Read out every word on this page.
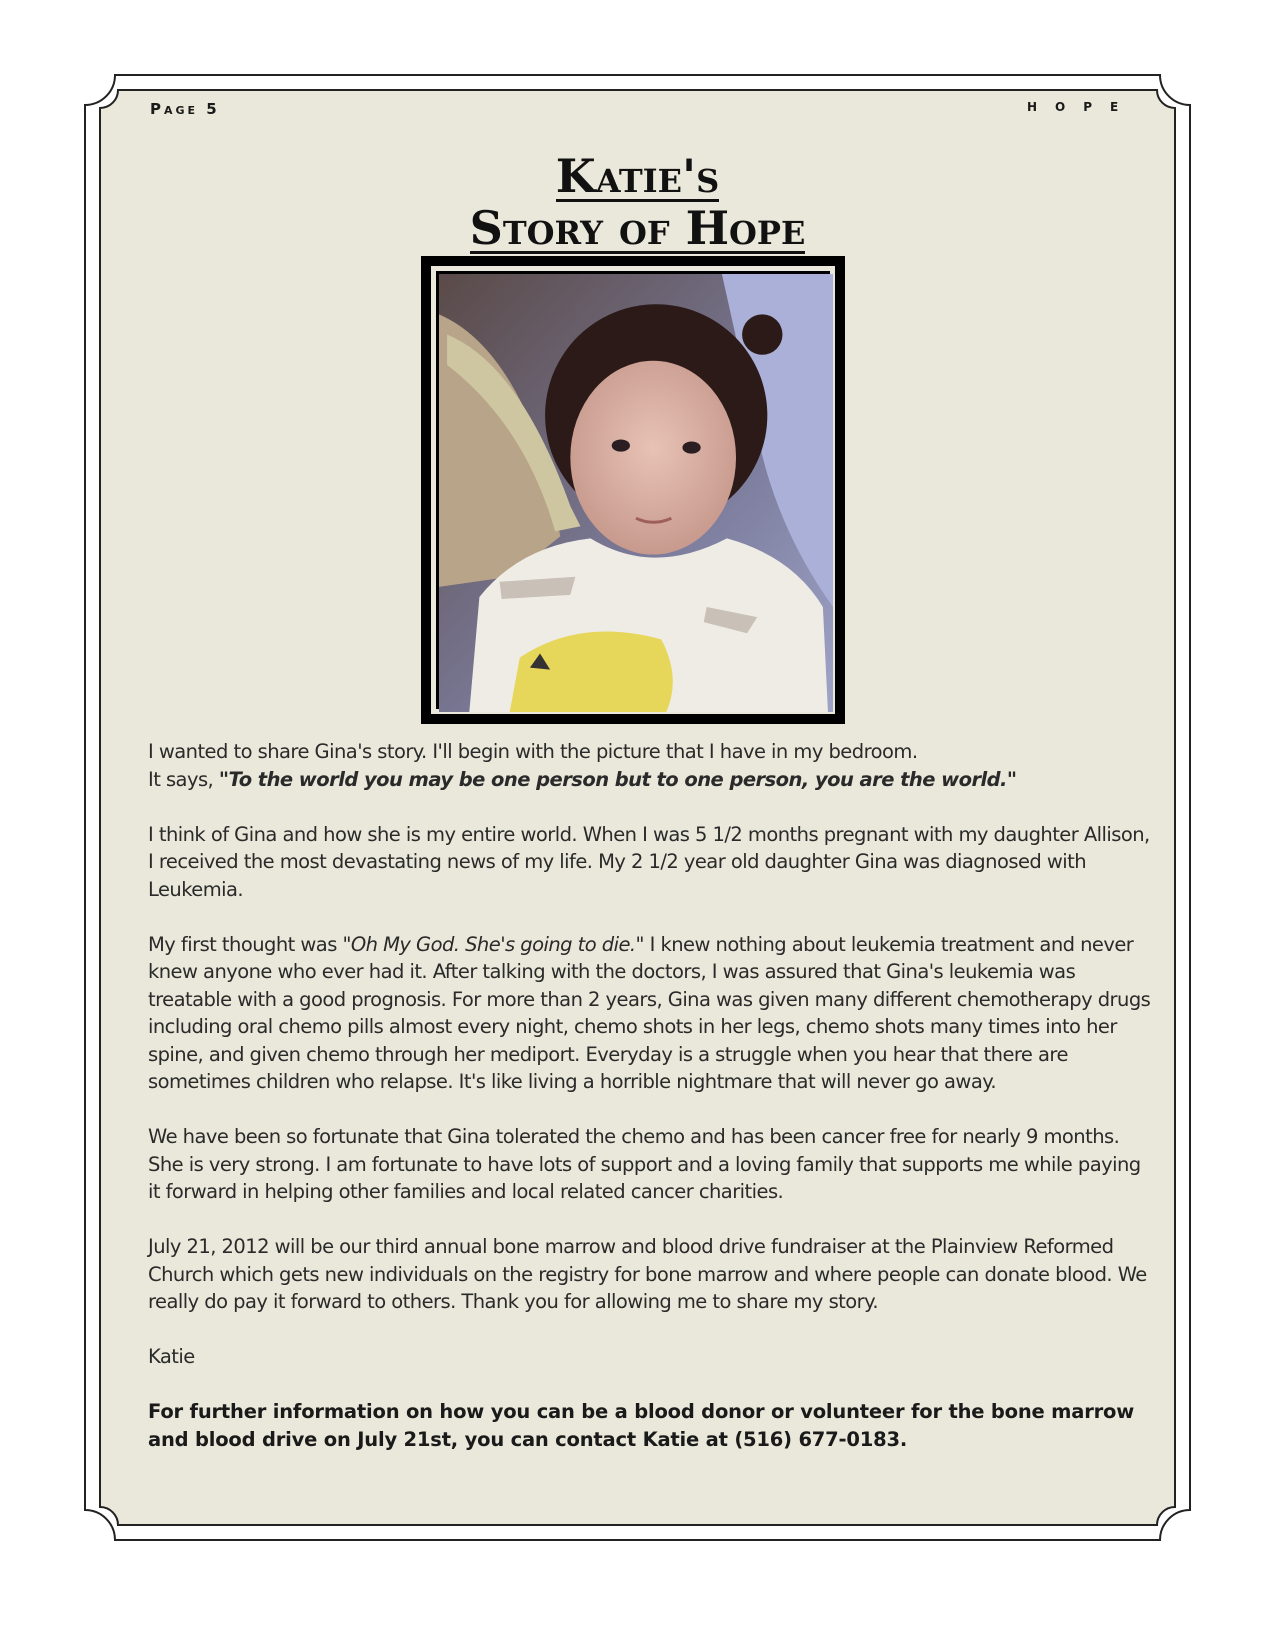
Page 5	HOPE
Katie's
Story of Hope

I wanted to share Gina's story. I'll begin with the picture that I have in my bedroom.
It says, "To the world you may be one person but to one person, you are the world."

I think of Gina and how she is my entire world. When I was 5 1/2 months pregnant with my daughter Allison, I received the most devastating news of my life. My 2 1/2 year old daughter Gina was diagnosed with Leukemia.

My first thought was "Oh My God. She's going to die." I knew nothing about leukemia treatment and never knew anyone who ever had it. After talking with the doctors, I was assured that Gina's leukemia was treatable with a good prognosis. For more than 2 years, Gina was given many different chemotherapy drugs including oral chemo pills almost every night, chemo shots in her legs, chemo shots many times into her spine, and given chemo through her mediport. Everyday is a struggle when you hear that there are sometimes children who relapse. It's like living a horrible nightmare that will never go away.

We have been so fortunate that Gina tolerated the chemo and has been cancer free for nearly 9 months. She is very strong. I am fortunate to have lots of support and a loving family that supports me while paying it forward in helping other families and local related cancer charities.

July 21, 2012 will be our third annual bone marrow and blood drive fundraiser at the Plainview Reformed Church which gets new individuals on the registry for bone marrow and where people can donate blood. We really do pay it forward to others. Thank you for allowing me to share my story.

Katie

For further information on how you can be a blood donor or volunteer for the bone marrow and blood drive on July 21st, you can contact Katie at (516) 677-0183.
